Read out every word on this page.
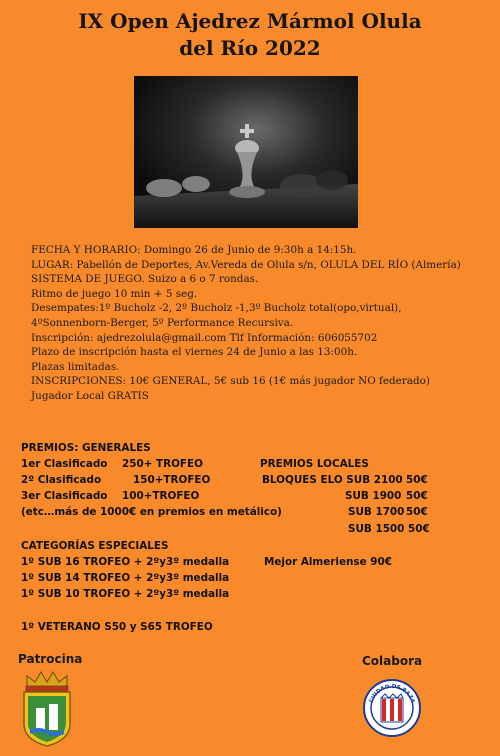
IX Open Ajedrez Mármol Olula
del Río 2022
FECHA Y HORARIO: Domingo 26 de Junio de 9:30h a 14:15h.
LUGAR: Pabellón de Deportes, Av.Vereda de Olula s/n, OLULA DEL RÍO (Almería)
SISTEMA DE JUEGO. Suizo a 6 o 7 rondas.
Ritmo de juego 10 min + 5 seg.
Desempates:1º Bucholz -2, 2º Bucholz -1,3º Bucholz total(opo,virtual),
4ºSonnenborn-Berger, 5º Performance Recursiva.
Inscripción: ajedrezolula@gmail.com Tlf Información: 606055702
Plazo de inscripción hasta el viernes 24 de Junio a las 13:00h.
Plazas limitadas.
INSCRIPCIONES: 10€ GENERAL, 5€ sub 16 (1€ más jugador NO federado)
Jugador Local GRATIS
PREMIOS: GENERALES
1er Clasificado 250+ TROFEO	PREMIOS LOCALES
2º Clasificado	150+TROFEO	BLOQUES ELO SUB 2100 50€
3er Clasificado 100+TROFEO	SUB 1900 50€
(etc…más de 1000€ en premios en metálico)	SUB 1700 50€
SUB 1500 50€
CATEGORÍAS ESPECIALES
1º SUB 16 TROFEO + 2ºy3º medalla	Mejor Almeriense 90€
1º SUB 14 TROFEO + 2ºy3º medalla
1º SUB 10 TROFEO + 2ºy3º medalla
1º VETERANO S50 y S65 TROFEO
Patrocina	Colabora
CIUDAD DE BAZA
